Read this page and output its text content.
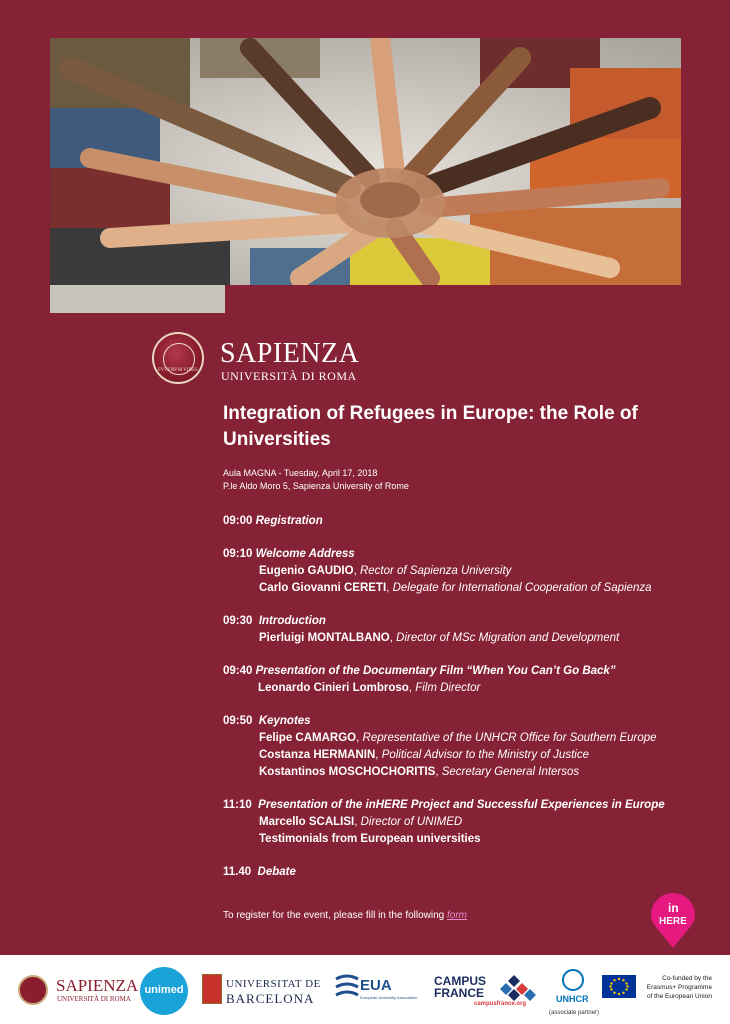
FVTVRVM VIDES
SAPIENZA
UNIVERSITÀ DI ROMA
Integration of Refugees in Europe: the Role of Universities
Aula MAGNA - Tuesday, April 17, 2018
P.le Aldo Moro 5, Sapienza University of Rome
09:00 Registration
09:10 Welcome Address
Eugenio GAUDIO, Rector of Sapienza University
Carlo Giovanni CERETI, Delegate for International Cooperation of Sapienza
09:30 Introduction
Pierluigi MONTALBANO, Director of MSc Migration and Development
09:40 Presentation of the Documentary Film “When You Can’t Go Back”
Leonardo Cinieri Lombroso, Film Director
09:50 Keynotes
Felipe CAMARGO, Representative of the UNHCR Office for Southern Europe
Costanza HERMANIN, Political Advisor to the Ministry of Justice
Kostantinos MOSCHOCHORITIS, Secretary General Intersos
11:10 Presentation of the inHERE Project and Successful Experiences in Europe
Marcello SCALISI, Director of UNIMED
Testimonials from European universities
11.40 Debate
To register for the event, please fill in the following form
in
HERE
SAPIENZA
UNIVERSITÀ DI ROMA
unimed	UNIVERSITAT DE
BARCELONA
EUA
European University Association
CAMPUS
FRANCE
campusfrance.org	UNHCR
(associate partner)
Co-funded by the
Erasmus+ Programme
of the European Union
